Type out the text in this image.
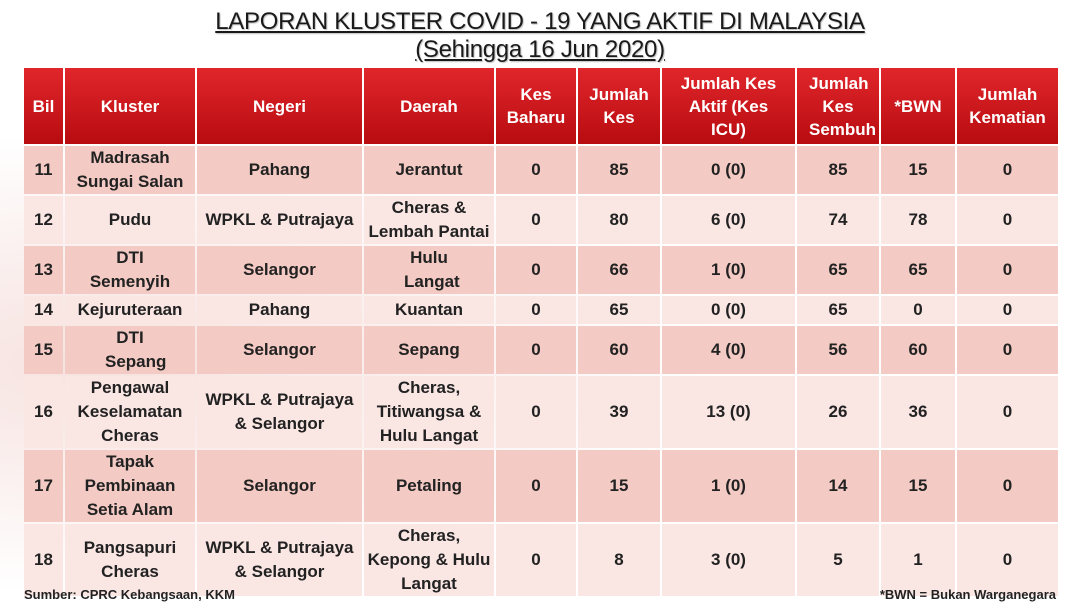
LAPORAN KLUSTER COVID - 19 YANG AKTIF DI MALAYSIA
(Sehingga 16 Jun 2020)
Bil	Kluster	Negeri	Daerah	Kes Baharu	Jumlah Kes	Jumlah Kes Aktif (Kes ICU)	Jumlah Kes Sembuh	*BWN	Jumlah Kematian
11	Madrasah Sungai Salan	Pahang	Jerantut	0	85	0 (0)	85	15	0
12	Pudu	WPKL & Putrajaya	Cheras & Lembah Pantai	0	80	6 (0)	74	78	0
13	DTI Semenyih	Selangor	Hulu Langat	0	66	1 (0)	65	65	0
14	Kejuruteraan	Pahang	Kuantan	0	65	0 (0)	65	0	0
15	DTI Sepang	Selangor	Sepang	0	60	4 (0)	56	60	0
16	Pengawal Keselamatan Cheras	WPKL & Putrajaya & Selangor	Cheras, Titiwangsa & Hulu Langat	0	39	13 (0)	26	36	0
17	Tapak Pembinaan Setia Alam	Selangor	Petaling	0	15	1 (0)	14	15	0
18	Pangsapuri Cheras	WPKL & Putrajaya & Selangor	Cheras, Kepong & Hulu Langat	0	8	3 (0)	5	1	0
Sumber: CPRC Kebangsaan, KKM	*BWN = Bukan Warganegara
